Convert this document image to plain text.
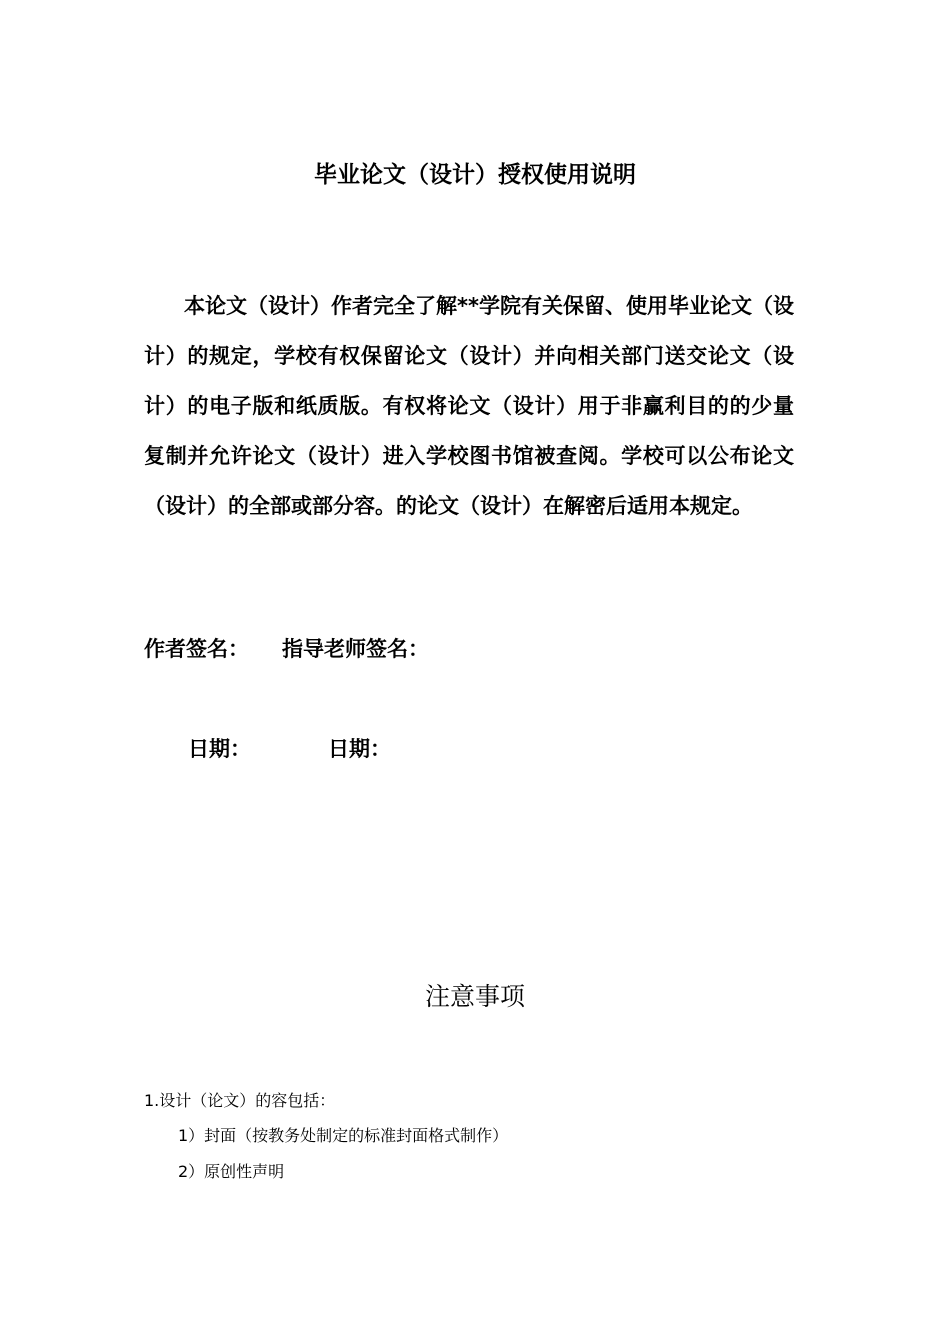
毕业论文（设计）授权使用说明

本论文（设计）作者完全了解**学院有关保留、使用毕业论文（设计）的规定，学校有权保留论文（设计）并向相关部门送交论文（设计）的电子版和纸质版。有权将论文（设计）用于非赢利目的的少量复制并允许论文（设计）进入学校图书馆被查阅。学校可以公布论文（设计）的全部或部分容。的论文（设计）在解密后适用本规定。

作者签名： 指导老师签名：
日期：	日期：
注意事项
1.设计（论文）的容包括：
1）封面（按教务处制定的标准封面格式制作）
2）原创性声明
